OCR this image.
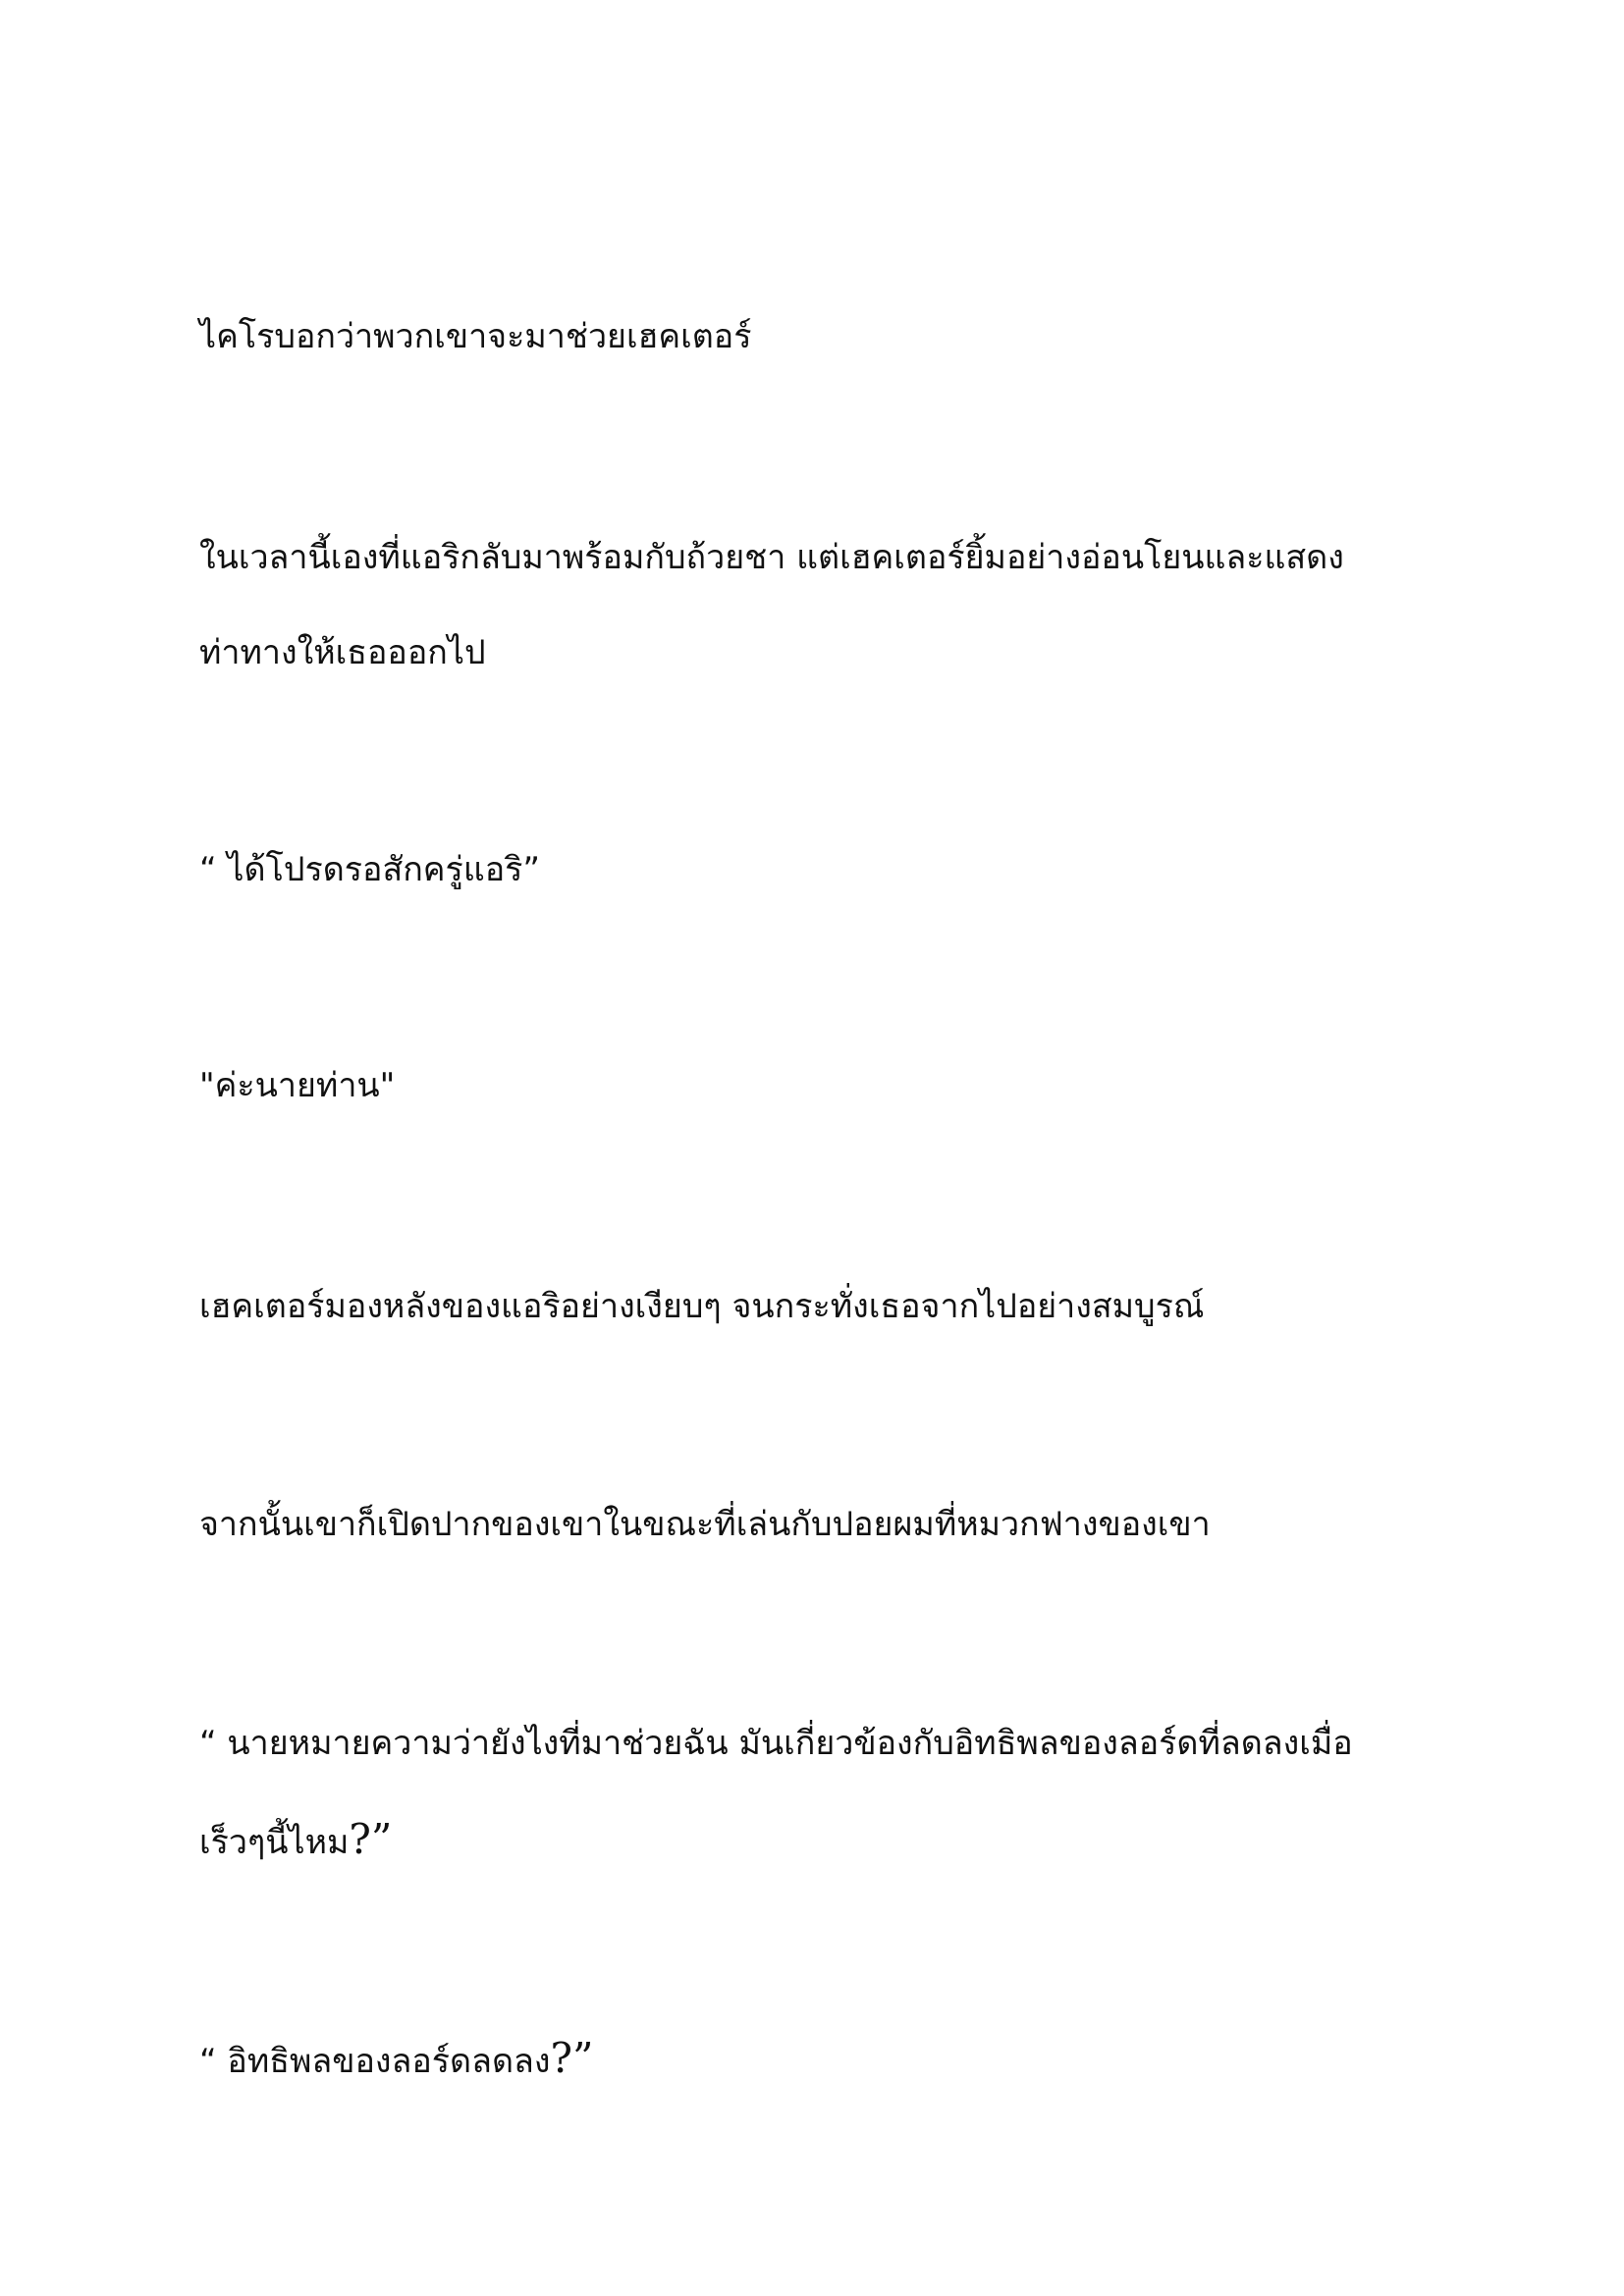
ไคโรบอกว่าพวกเขาจะมาช่วยเฮคเตอร์

ในเวลานี้เองที่แอริกลับมาพร้อมกับถ้วยชา แต่เฮคเตอร์ยิ้มอย่างอ่อนโยนและแสดง
ท่าทางให้เธอออกไป

“ ได้โปรดรอสักครู่แอริ”

"ค่ะนายท่าน"

เฮคเตอร์มองหลังของแอริอย่างเงียบๆ จนกระทั่งเธอจากไปอย่างสมบูรณ์

จากนั้นเขาก็เปิดปากของเขาในขณะที่เล่นกับปอยผมที่หมวกฟางของเขา

“ นายหมายความว่ายังไงที่มาช่วยฉัน มันเกี่ยวข้องกับอิทธิพลของลอร์ดที่ลดลงเมื่อ
เร็วๆนี้ไหม?”

“ อิทธิพลของลอร์ดลดลง?”
